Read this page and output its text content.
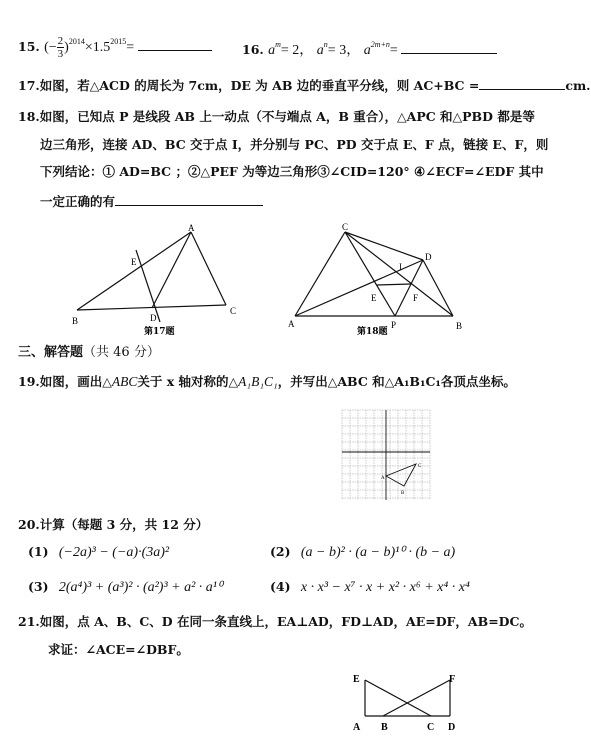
15. (− $\frac{2}{3} )^{2014}\times 1.5^{2015}=$	16. $a^m= 2$， $a^n= 3$， $a^{2m+n}=$
17.如图，若△ACD 的周长为 7cm，DE 为 AB 边的垂直平分线，则 AC+BC =	cm.
18.如图，已知点 P 是线段 AB 上一动点（不与端点 A，B 重合），△APC 和△PBD 都是等
边三角形，连接 AD、BC 交于点 I，并分别与 PC、PD 交于点 E、F 点，链接 E、F，则
下列结论：① AD=BC ；②△PEF 为等边三角形③∠CID=120° ④∠ECF=∠EDF 其中
一定正确的有
A
B
C
D
E
第17题
C
A	B
D
E	F
I
P
第18题
三、解答题（共 46 分）
19.如图，画出△ABC关于 x 轴对称的△A₁B₁C₁，并写出△ABC 和△A₁B₁C₁各顶点坐标。
A
B
C
20.计算（每题 3 分，共 12 分）
(1) (−2a)³ − (−a)·(3a)²	(2) (a − b)² · (a − b)¹⁰ · (b − a)
(3) 2(a⁴)³ + (a³)² · (a²)³ + a² · a¹⁰	(4) x · x³ − x⁷ · x + x² · x⁶ + x⁴ · x⁴
21.如图，点 A、B、C、D 在同一条直线上，EA⊥AD，FD⊥AD，AE=DF，AB=DC。
求证：∠ACE=∠DBF。
E	F
A B	C D
